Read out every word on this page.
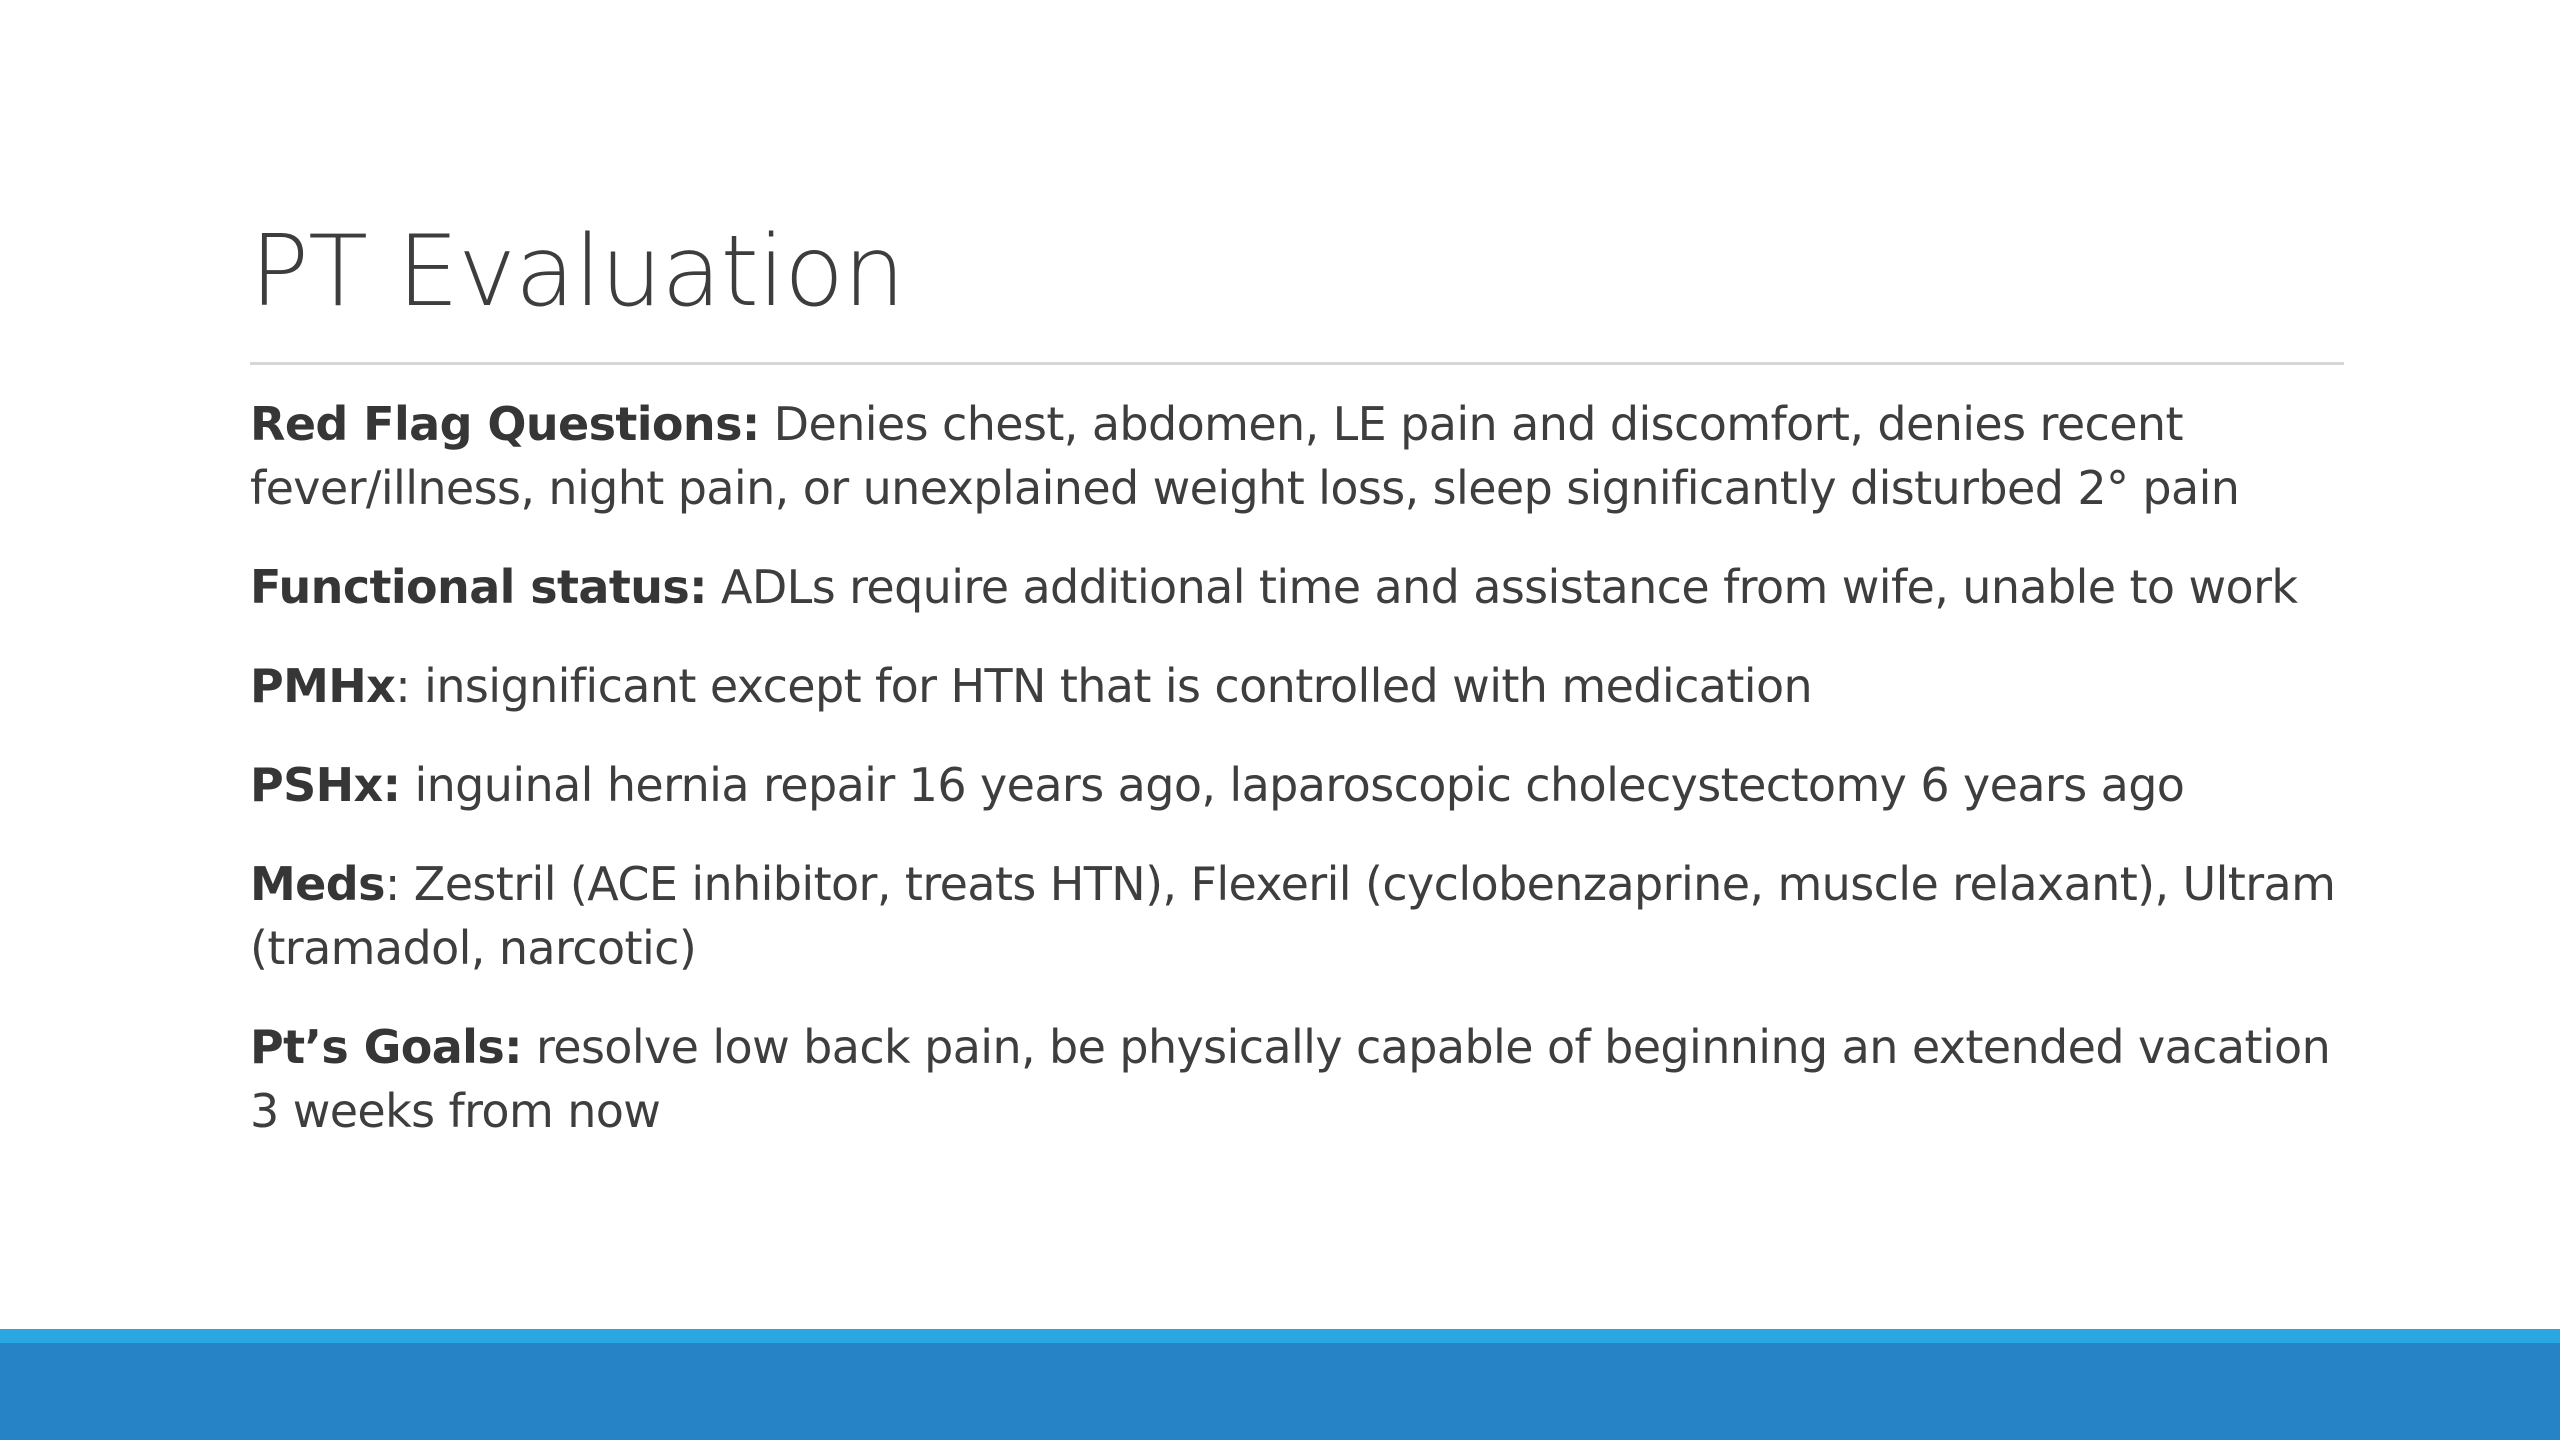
PT Evaluation

Red Flag Questions: Denies chest, abdomen, LE pain and discomfort, denies recent fever/illness, night pain, or unexplained weight loss, sleep significantly disturbed 2° pain

Functional status: ADLs require additional time and assistance from wife, unable to work

PMHx: insignificant except for HTN that is controlled with medication

PSHx: inguinal hernia repair 16 years ago, laparoscopic cholecystectomy 6 years ago

Meds: Zestril (ACE inhibitor, treats HTN), Flexeril (cyclobenzaprine, muscle relaxant), Ultram (tramadol, narcotic)

Pt’s Goals: resolve low back pain, be physically capable of beginning an extended vacation 3 weeks from now
